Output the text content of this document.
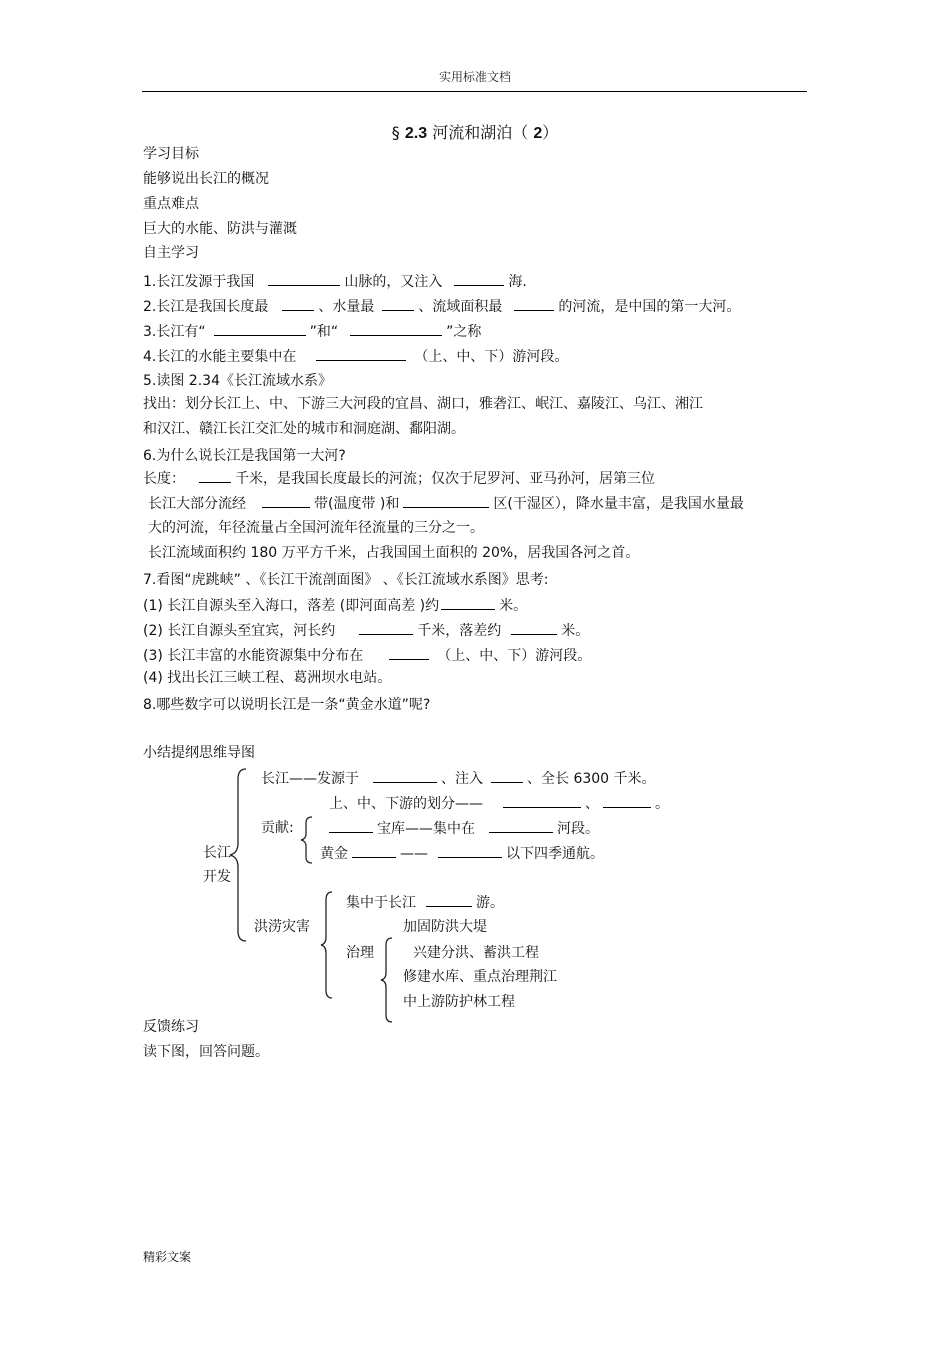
实用标准文档
§ 2.3 河流和湖泊（ 2）
学习目标
能够说出长江的概况
重点难点
巨大的水能、防洪与灌溉
自主学习
1.长江发源于我国	山脉的，又注入	海.
2.长江是我国长度最	、水量最	、流域面积最	的河流，是中国的第一大河。
3.长江有“	”和“	”之称
4.长江的水能主要集中在	（上、中、下）游河段。
5.读图 2.34《长江流域水系》
找出：划分长江上、中、下游三大河段的宜昌、湖口，雅砻江、岷江、嘉陵江、乌江、湘江
和汉江、赣江长江交汇处的城市和洞庭湖、鄱阳湖。
6.为什么说长江是我国第一大河?
长度：	千米，是我国长度最长的河流；仅次于尼罗河、亚马孙河，居第三位
长江大部分流经	带(温度带 )和	区(干湿区），降水量丰富，是我国水量最
大的河流，年径流量占全国河流年径流量的三分之一。
长江流域面积约 180 万平方千米，占我国国土面积的 20%，居我国各河之首。
7.看图“虎跳峡” 、《长江干流剖面图》 、《长江流域水系图》思考:
(1) 长江自源头至入海口，落差 (即河面高差 )约	米。
(2) 长江自源头至宜宾，河长约	千米，落差约	米。
(3) 长江丰富的水能资源集中分布在	（上、中、下）游河段。
(4) 找出长江三峡工程、葛洲坝水电站。
8.哪些数字可以说明长江是一条“黄金水道”呢?
小结提纲思维导图
长江
开发
长江——发源于	、注入	、全长 6300 千米。
上、中、下游的划分——	、	。
贡献:	宝库——集中在	河段。
黄金	——	以下四季通航。
洪涝灾害
集中于长江	游。
治理
加固防洪大堤
兴建分洪、蓄洪工程
修建水库、重点治理荆江
中上游防护林工程
反馈练习
读下图，回答问题。
精彩文案
